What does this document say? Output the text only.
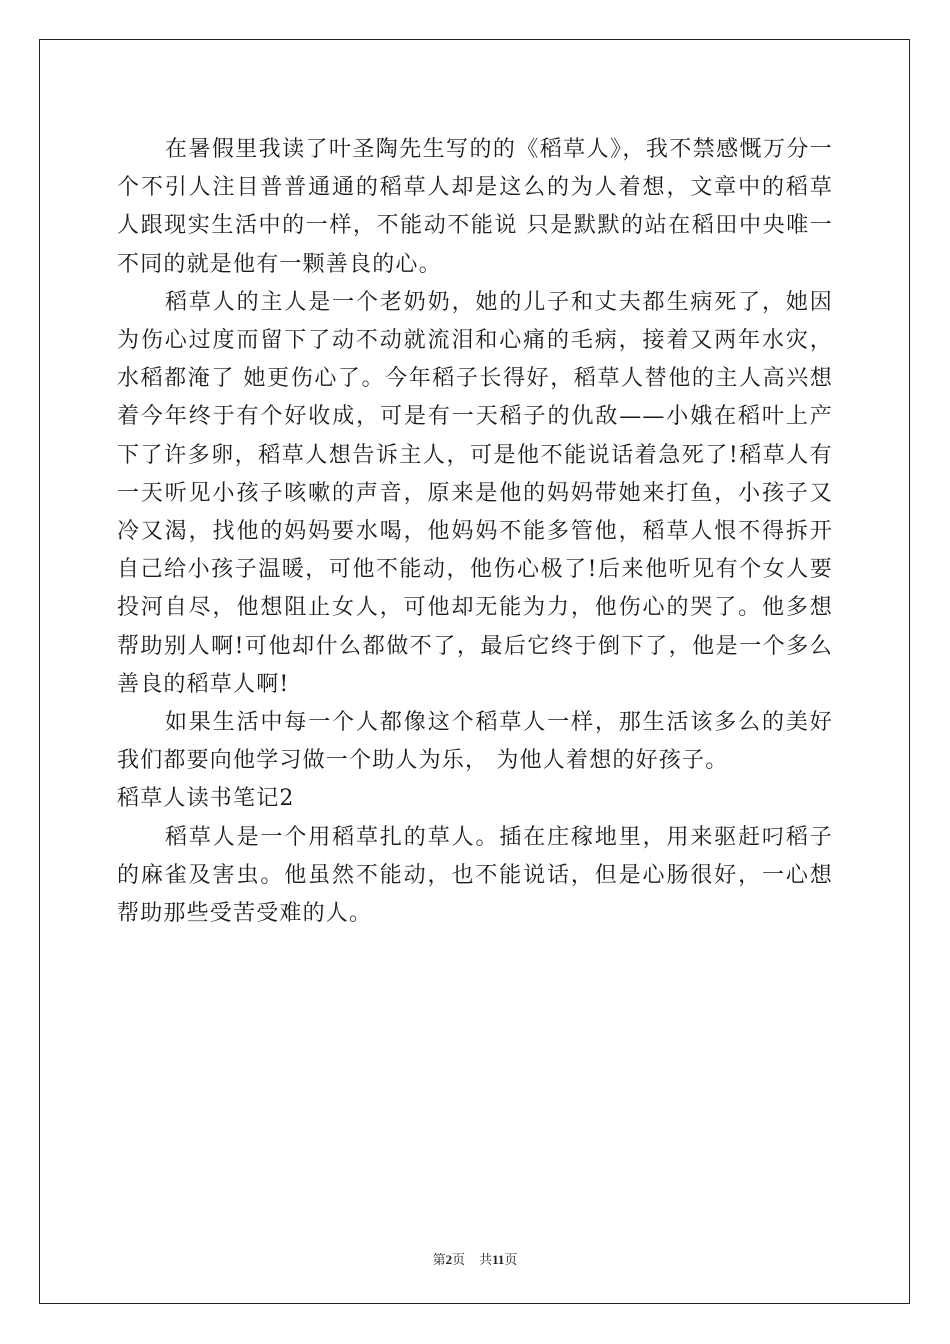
在暑假里我读了叶圣陶先生写的的《稻草人》，我不禁感慨万分一个不引人注目普普通通的稻草人却是这么的为人着想，文章中的稻草人跟现实生活中的一样，不能动不能说 只是默默的站在稻田中央唯一不同的就是他有一颗善良的心。

稻草人的主人是一个老奶奶，她的儿子和丈夫都生病死了，她因为伤心过度而留下了动不动就流泪和心痛的毛病，接着又两年水灾，水稻都淹了 她更伤心了。今年稻子长得好，稻草人替他的主人高兴想着今年终于有个好收成，可是有一天稻子的仇敌——小娥在稻叶上产下了许多卵，稻草人想告诉主人，可是他不能说话着急死了!稻草人有一天听见小孩子咳嗽的声音，原来是他的妈妈带她来打鱼，小孩子又冷又渴，找他的妈妈要水喝，他妈妈不能多管他，稻草人恨不得拆开自己给小孩子温暖，可他不能动，他伤心极了!后来他听见有个女人要投河自尽，他想阻止女人，可他却无能为力，他伤心的哭了。他多想帮助别人啊!可他却什么都做不了，最后它终于倒下了，他是一个多么善良的稻草人啊!

如果生活中每一个人都像这个稻草人一样，那生活该多么的美好我们都要向他学习做一个助人为乐， 为他人着想的好孩子。

稻草人读书笔记2

稻草人是一个用稻草扎的草人。插在庄稼地里，用来驱赶叼稻子的麻雀及害虫。他虽然不能动，也不能说话，但是心肠很好，一心想帮助那些受苦受难的人。

第2页 共11页
